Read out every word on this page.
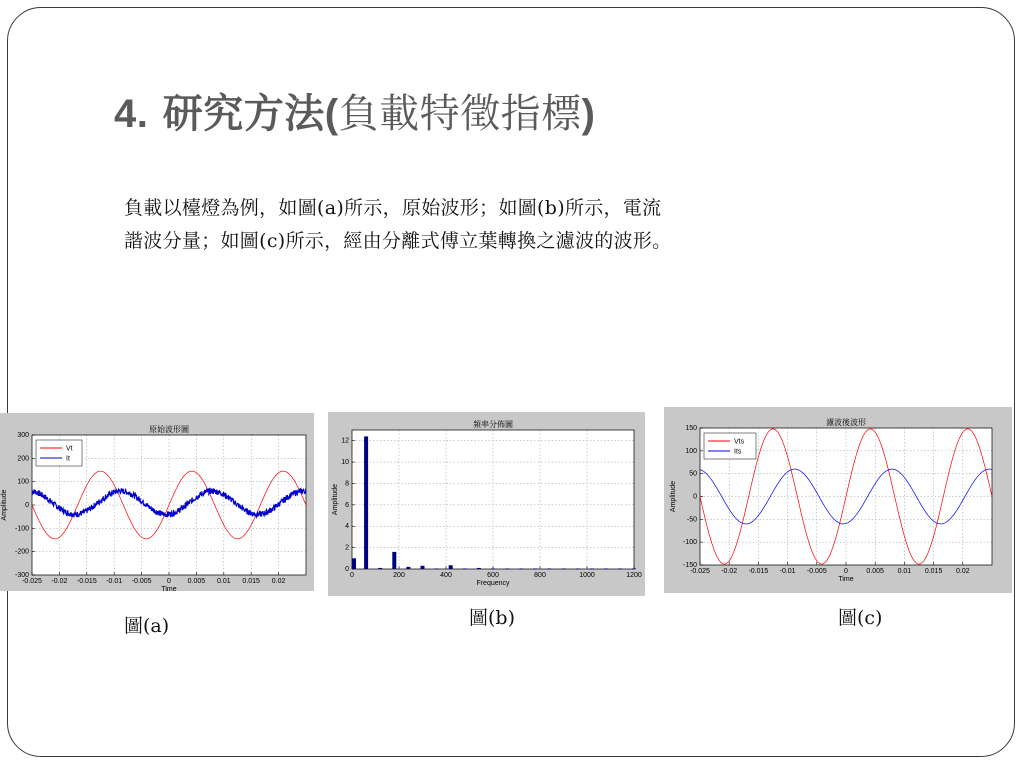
4. 研究方法(負載特徵指標)

負載以檯燈為例，如圖(a)所示，原始波形；如圖(b)所示，電流

諧波分量；如圖(c)所示，經由分離式傅立葉轉換之濾波的波形。

-0.025 -0.02 -0.015 -0.01 -0.005 0 0.005 0.01 0.015 0.02
-300
-200
-100
0
100
200
300
原始波形圖
Time
Amplitude
Vt
It
0	200	400	600	800	1000	1200
0
2
4
6
8
10
12
頻率分佈圖
Frequency
Amplitude
-0.025 -0.02 -0.015 -0.01 -0.005 0	0.005 0.01 0.015 0.02
-150
-100
-50
0
50
100
150
濾波後波形
Time
Amplitude
Vts
Its
圖(a)	圖(b)	圖(c)
